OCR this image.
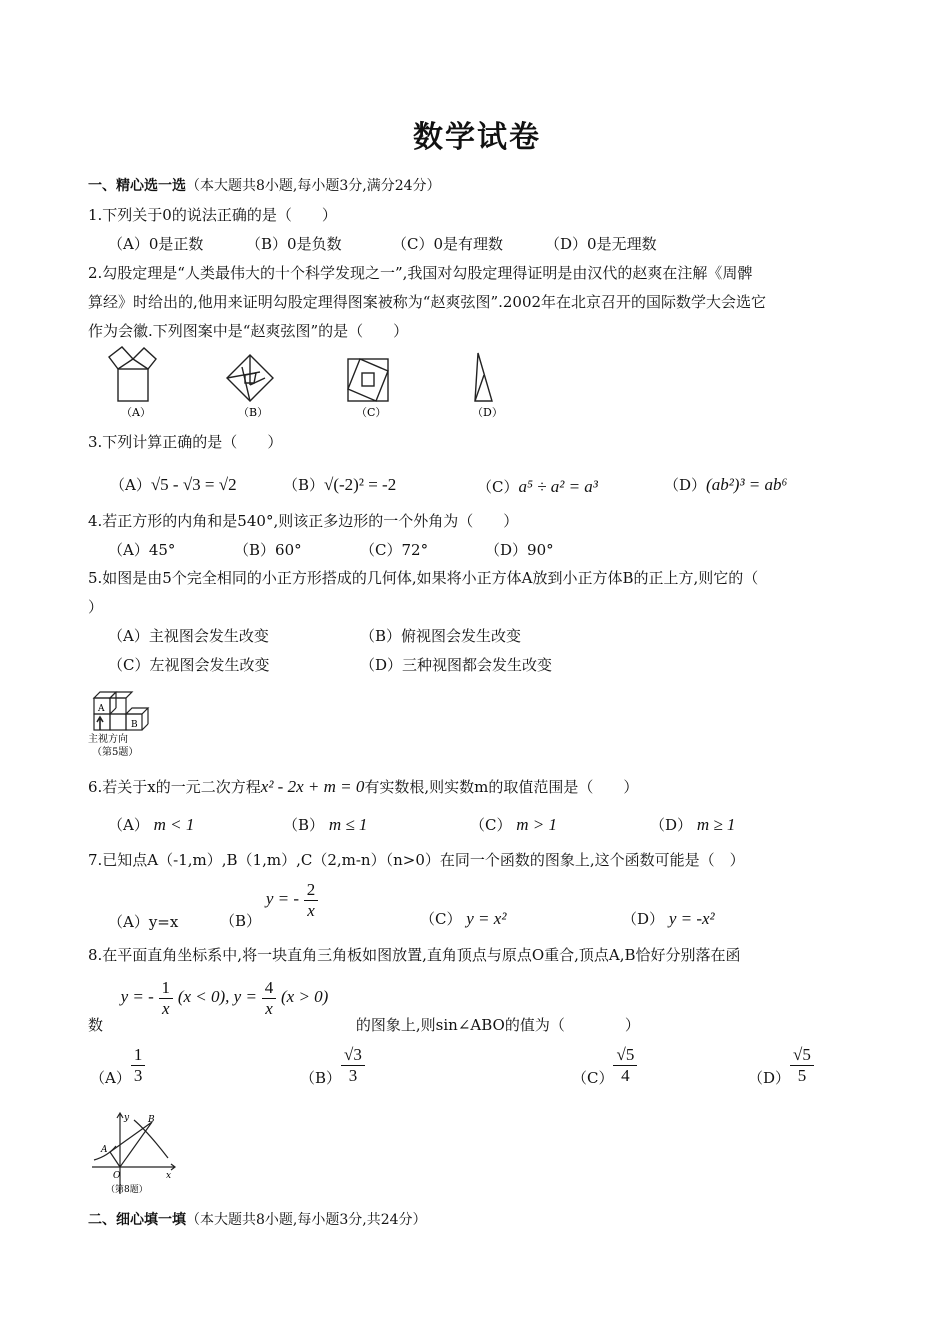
数学试卷
一、精心选一选（本大题共8小题,每小题3分,满分24分）
1.下列关于0的说法正确的是（　　）
（A）0是正数	（B）0是负数	（C）0是有理数	（D）0是无理数
2.勾股定理是“人类最伟大的十个科学发现之一”,我国对勾股定理得证明是由汉代的赵爽在注解《周髀
算经》时给出的,他用来证明勾股定理得图案被称为“赵爽弦图”.2002年在北京召开的国际数学大会选它
作为会徽.下列图案中是“赵爽弦图”的是（　　）
（A）	（B）	（C）	（D）
3.下列计算正确的是（　　）
（A）√5 - √3 = √2	（B）√(-2)² = -2	（C）a⁵ ÷ a² = a³	（D）(ab²)³ = ab⁶
4.若正方形的内角和是540°,则该正多边形的一个外角为（　　）
（A）45°	（B）60°	（C）72°	（D）90°
5.如图是由5个完全相同的小正方形搭成的几何体,如果将小正方体A放到小正方体B的正上方,则它的（
）
（A）主视图会发生改变	（B）俯视图会发生改变
（C）左视图会发生改变	（D）三种视图都会发生改变
A
B
主视方向
（第5题）
6.若关于x的一元二次方程x² - 2x + m = 0有实数根,则实数m的取值范围是（　　）
（A） m < 1	（B） m ≤ 1	（C） m > 1	（D） m ≥ 1
7.已知点A（-1,m）,B（1,m）,C（2,m-n）（n>0）在同一个函数的图象上,这个函数可能是（　）
（A）y=x	（B） y = - $\frac{2}{x}$	（C） y = x²	（D） y = -x²
8.在平面直角坐标系中,将一块直角三角板如图放置,直角顶点与原点O重合,顶点A,B恰好分别落在函
数  y = - $\frac{1}{x} (x < 0)$, $y = \frac{4}{x} (x > 0)$  的图象上,则sin∠ABO的值为（　　　　）
$(A) \frac{1}{3}$	$(B) \frac{√3}{3}$	$(C) \frac{√5}{4}$	$(D) \frac{√5}{5}$
y
x
O
A
B
（第8题）
二、细心填一填（本大题共8小题,每小题3分,共24分）
